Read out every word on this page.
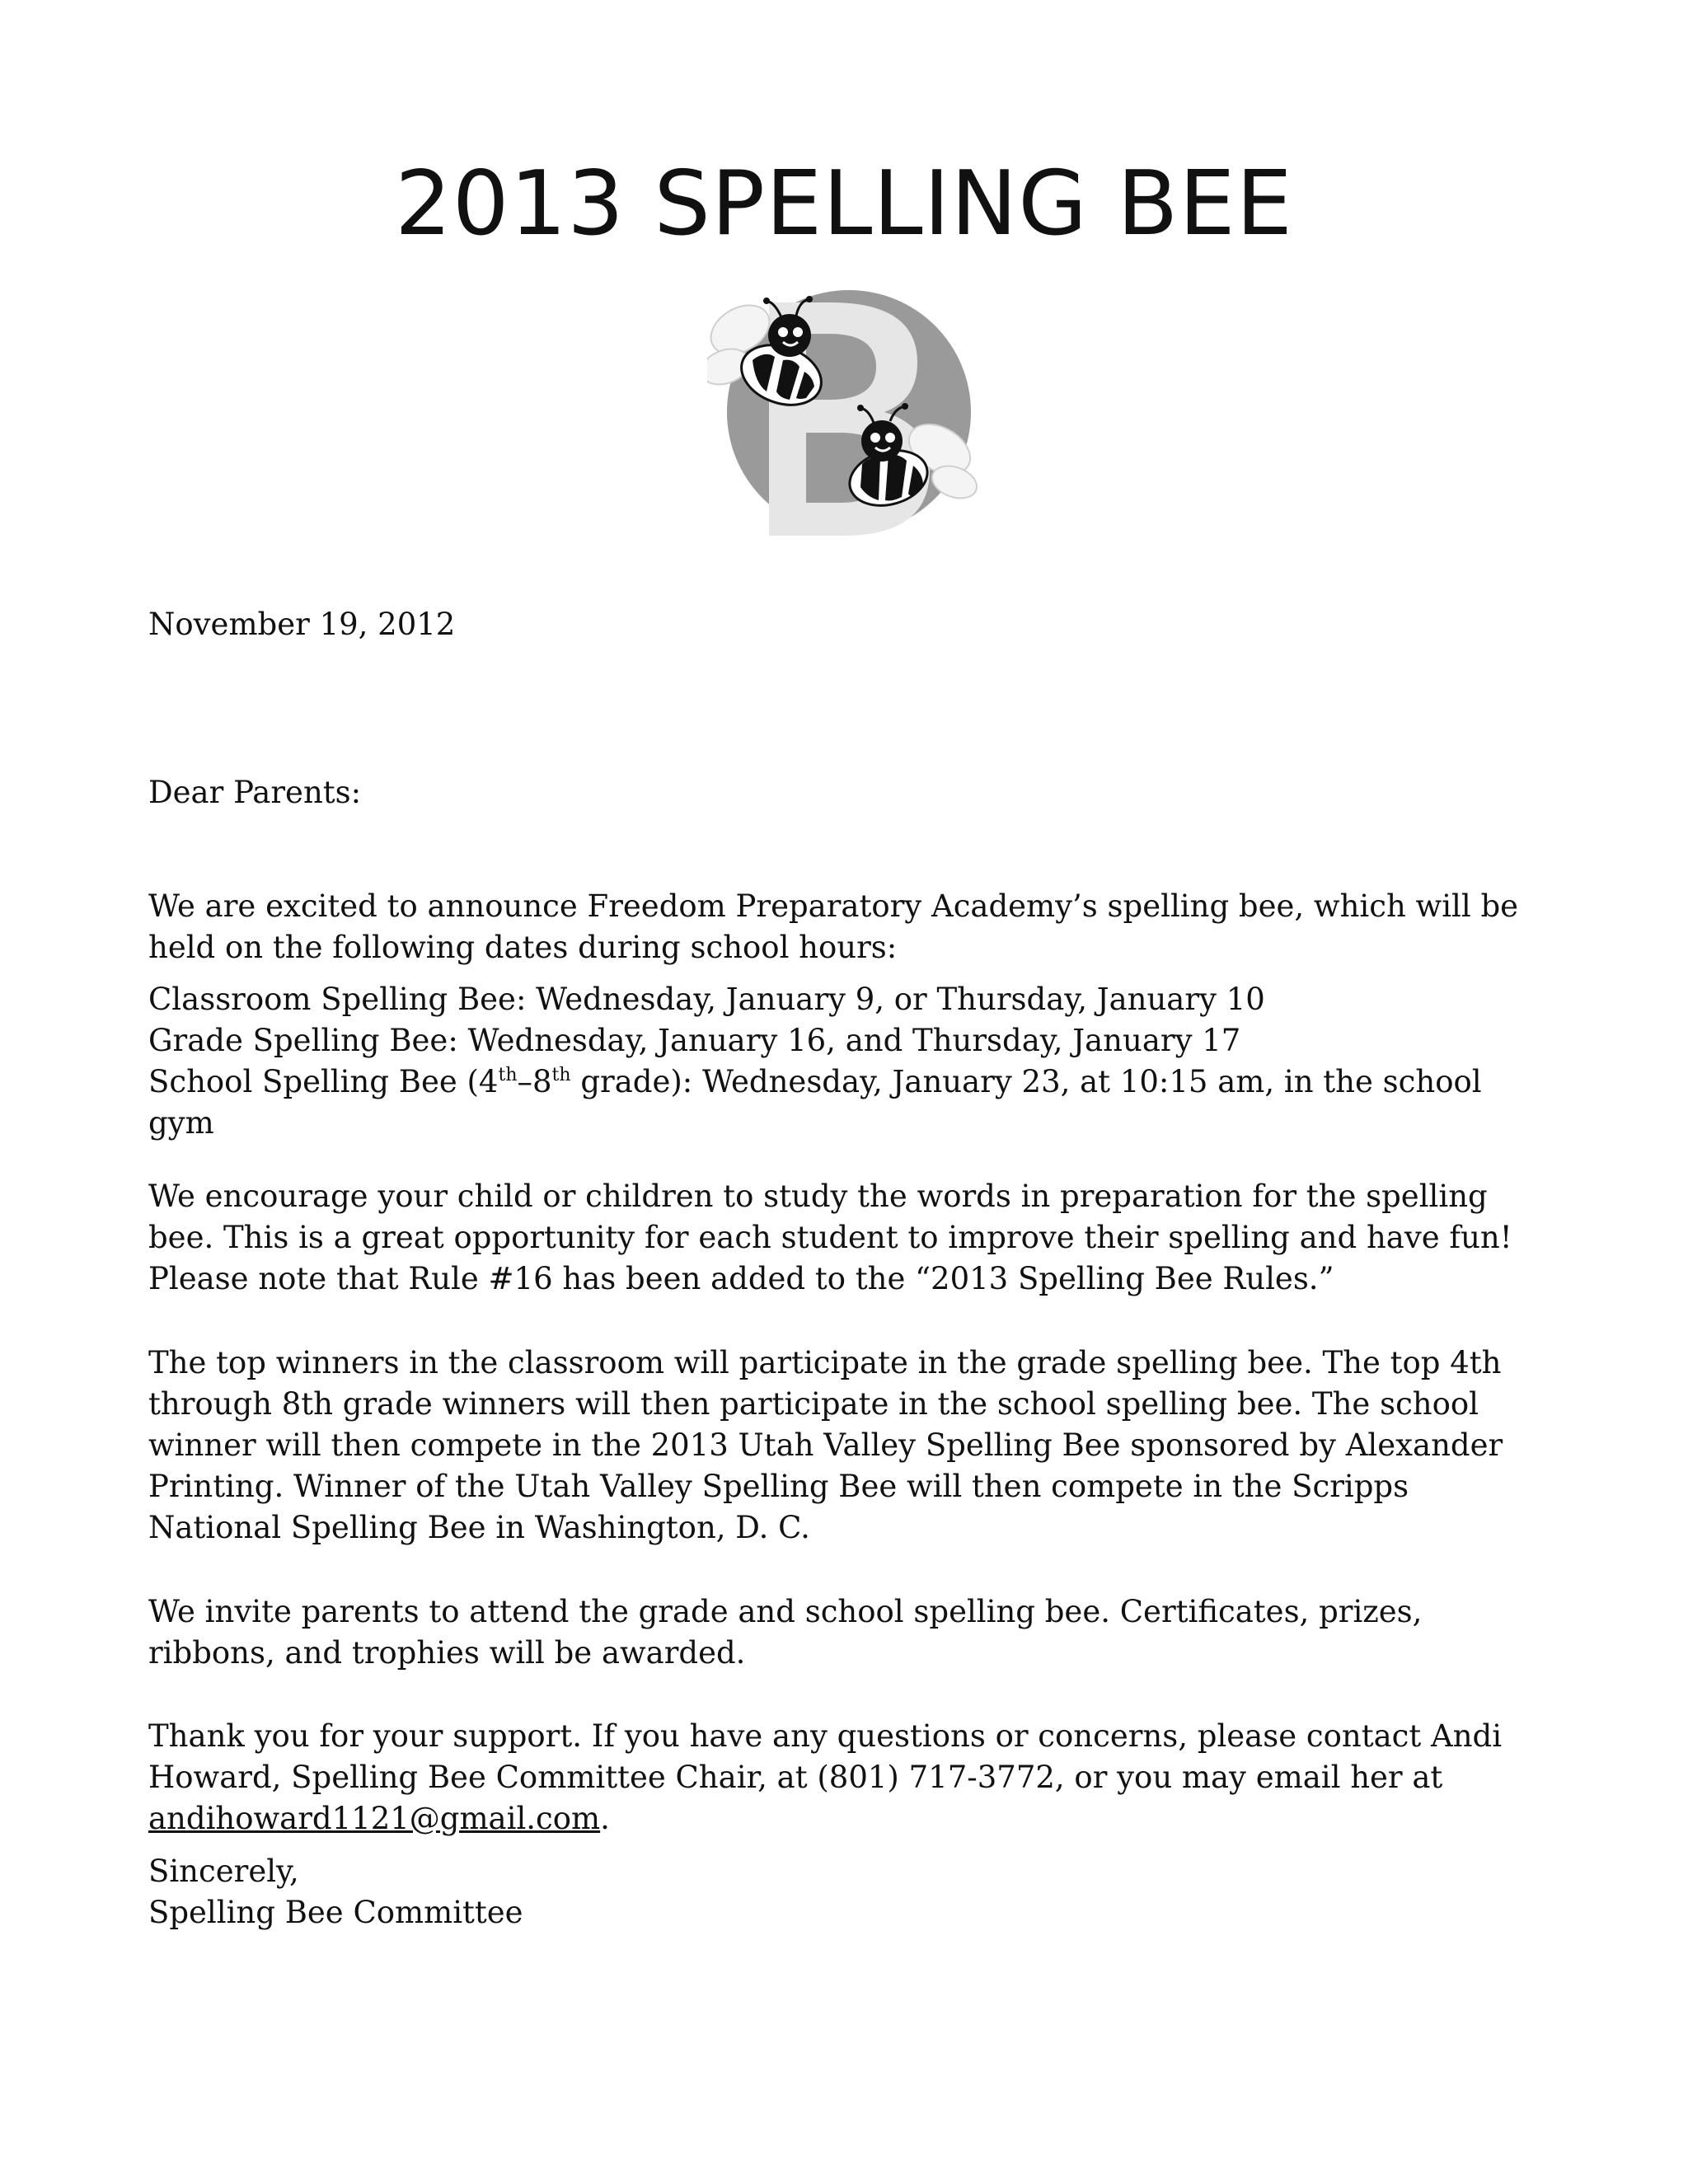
2013 SPELLING BEE
November 19, 2012
Dear Parents:

We are excited to announce Freedom Preparatory Academy’s spelling bee, which will be held on the following dates during school hours:

Classroom Spelling Bee: Wednesday, January 9, or Thursday, January 10

Grade Spelling Bee: Wednesday, January 16, and Thursday, January 17

School Spelling Bee (4th–8th grade): Wednesday, January 23, at 10:15 am, in the school gym

We encourage your child or children to study the words in preparation for the spelling bee. This is a great opportunity for each student to improve their spelling and have fun! Please note that Rule #16 has been added to the “2013 Spelling Bee Rules.”

The top winners in the classroom will participate in the grade spelling bee. The top 4th through 8th grade winners will then participate in the school spelling bee. The school winner will then compete in the 2013 Utah Valley Spelling Bee sponsored by Alexander Printing. Winner of the Utah Valley Spelling Bee will then compete in the Scripps National Spelling Bee in Washington, D. C.

We invite parents to attend the grade and school spelling bee. Certificates, prizes, ribbons, and trophies will be awarded.

Thank you for your support. If you have any questions or concerns, please contact Andi Howard, Spelling Bee Committee Chair, at (801) 717-3772, or you may email her at andihoward1121@gmail.com.

Sincerely,

Spelling Bee Committee
